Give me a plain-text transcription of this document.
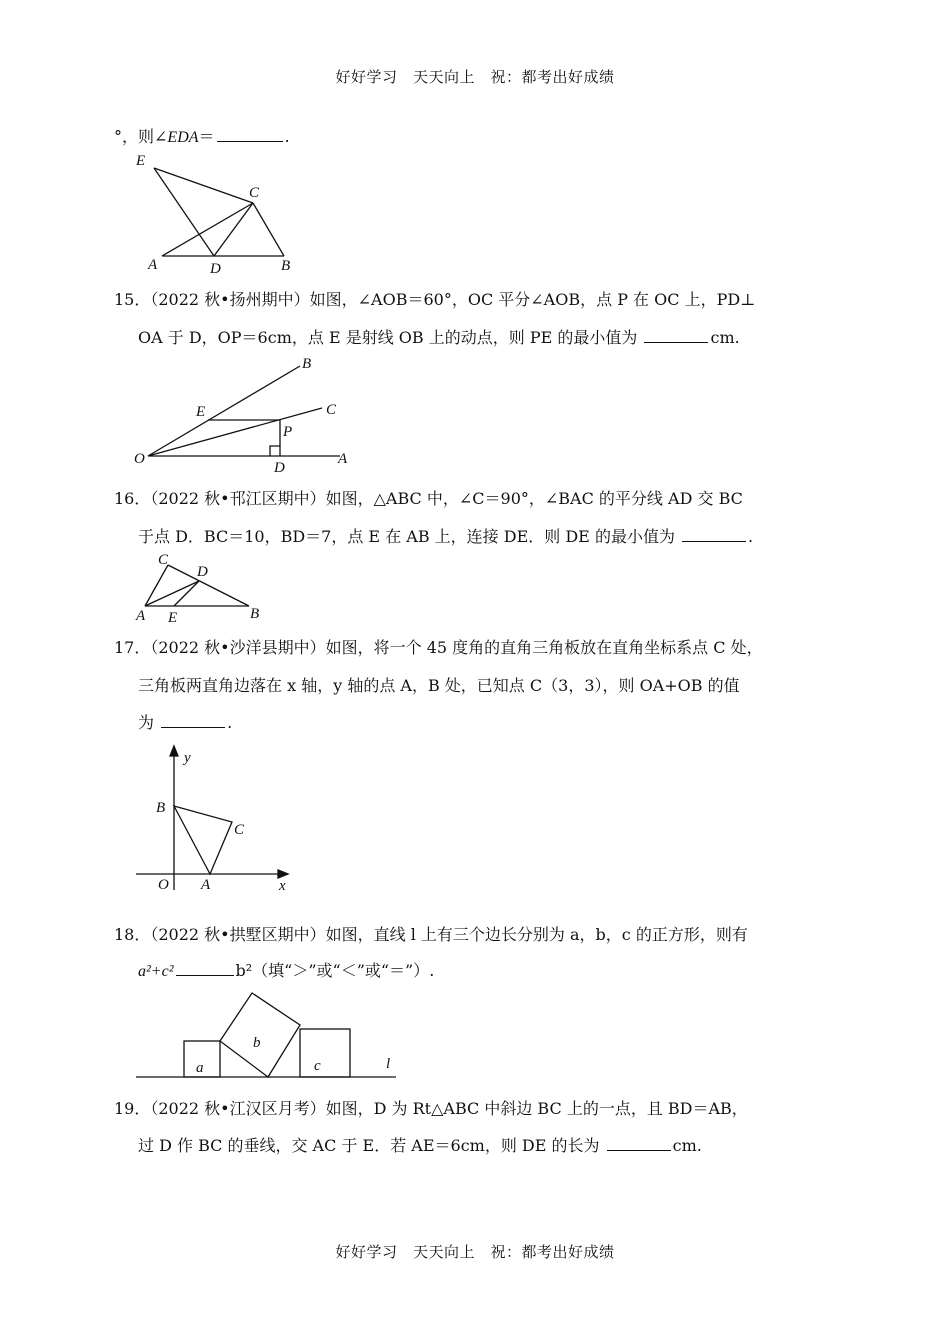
好好学习　天天向上　祝：都考出好成绩
°，则∠EDA＝	.
E
C
A	D	B
15．（2022 秋•扬州期中）如图，∠AOB＝60°，OC 平分∠AOB，点 P 在 OC 上，PD⊥
OA 于 D，OP＝6cm，点 E 是射线 OB 上的动点，则 PE 的最小值为	cm.
B
C
E
P
O
D
A
16．（2022 秋•邗江区期中）如图，△ABC 中，∠C＝90°，∠BAC 的平分线 AD 交 BC
于点 D．BC＝10，BD＝7，点 E 在 AB 上，连接 DE．则 DE 的最小值为	.
C
D
A E	B
17．（2022 秋•沙洋县期中）如图，将一个 45 度角的直角三角板放在直角坐标系点 C 处，
三角板两直角边落在 x 轴，y 轴的点 A，B 处，已知点 C（3，3），则 OA+OB 的值
为	.
y
B
C
O A	x
18．（2022 秋•拱墅区期中）如图，直线 l 上有三个边长分别为 a，b，c 的正方形，则有
a²+c²	b²（填“＞”或“＜”或“＝”）.
a
b
c	l
19．（2022 秋•江汉区月考）如图，D 为 Rt△ABC 中斜边 BC 上的一点，且 BD＝AB，
过 D 作 BC 的垂线，交 AC 于 E．若 AE＝6cm，则 DE 的长为	cm.
好好学习　天天向上　祝：都考出好成绩
